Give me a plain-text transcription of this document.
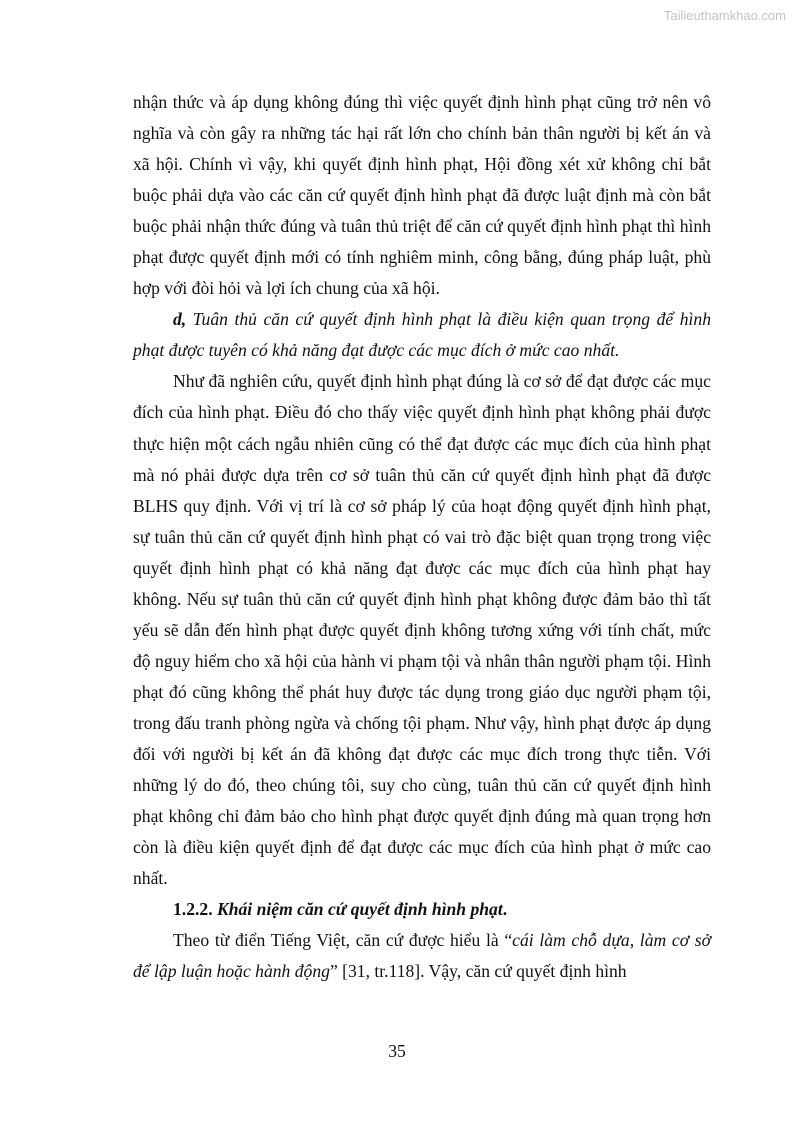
Tailieuthamkhao.com

nhận thức và áp dụng không đúng thì việc quyết định hình phạt cũng trở nên vô nghĩa và còn gây ra những tác hại rất lớn cho chính bản thân người bị kết án và xã hội. Chính vì vậy, khi quyết định hình phạt, Hội đồng xét xử không chỉ bắt buộc phải dựa vào các căn cứ quyết định hình phạt đã được luật định mà còn bắt buộc phải nhận thức đúng và tuân thủ triệt để căn cứ quyết định hình phạt thì hình phạt được quyết định mới có tính nghiêm minh, công bằng, đúng pháp luật, phù hợp với đòi hỏi và lợi ích chung của xã hội.

d, Tuân thủ căn cứ quyết định hình phạt là điều kiện quan trọng để hình phạt được tuyên có khả năng đạt được các mục đích ở mức cao nhất.

Như đã nghiên cứu, quyết định hình phạt đúng là cơ sở để đạt được các mục đích của hình phạt. Điều đó cho thấy việc quyết định hình phạt không phải được thực hiện một cách ngẫu nhiên cũng có thể đạt được các mục đích của hình phạt mà nó phải được dựa trên cơ sở tuân thủ căn cứ quyết định hình phạt đã được BLHS quy định. Với vị trí là cơ sở pháp lý của hoạt động quyết định hình phạt, sự tuân thủ căn cứ quyết định hình phạt có vai trò đặc biệt quan trọng trong việc quyết định hình phạt có khả năng đạt được các mục đích của hình phạt hay không. Nếu sự tuân thủ căn cứ quyết định hình phạt không được đảm bảo thì tất yếu sẽ dẫn đến hình phạt được quyết định không tương xứng với tính chất, mức độ nguy hiểm cho xã hội của hành vi phạm tội và nhân thân người phạm tội. Hình phạt đó cũng không thể phát huy được tác dụng trong giáo dục người phạm tội, trong đấu tranh phòng ngừa và chống tội phạm. Như vậy, hình phạt được áp dụng đối với người bị kết án đã không đạt được các mục đích trong thực tiễn. Với những lý do đó, theo chúng tôi, suy cho cùng, tuân thủ căn cứ quyết định hình phạt không chỉ đảm bảo cho hình phạt được quyết định đúng mà quan trọng hơn còn là điều kiện quyết định để đạt được các mục đích của hình phạt ở mức cao nhất.

1.2.2. Khái niệm căn cứ quyết định hình phạt.

Theo từ điển Tiếng Việt, căn cứ được hiểu là “cái làm chỗ dựa, làm cơ sở để lập luận hoặc hành động” [31, tr.118]. Vậy, căn cứ quyết định hình

35
